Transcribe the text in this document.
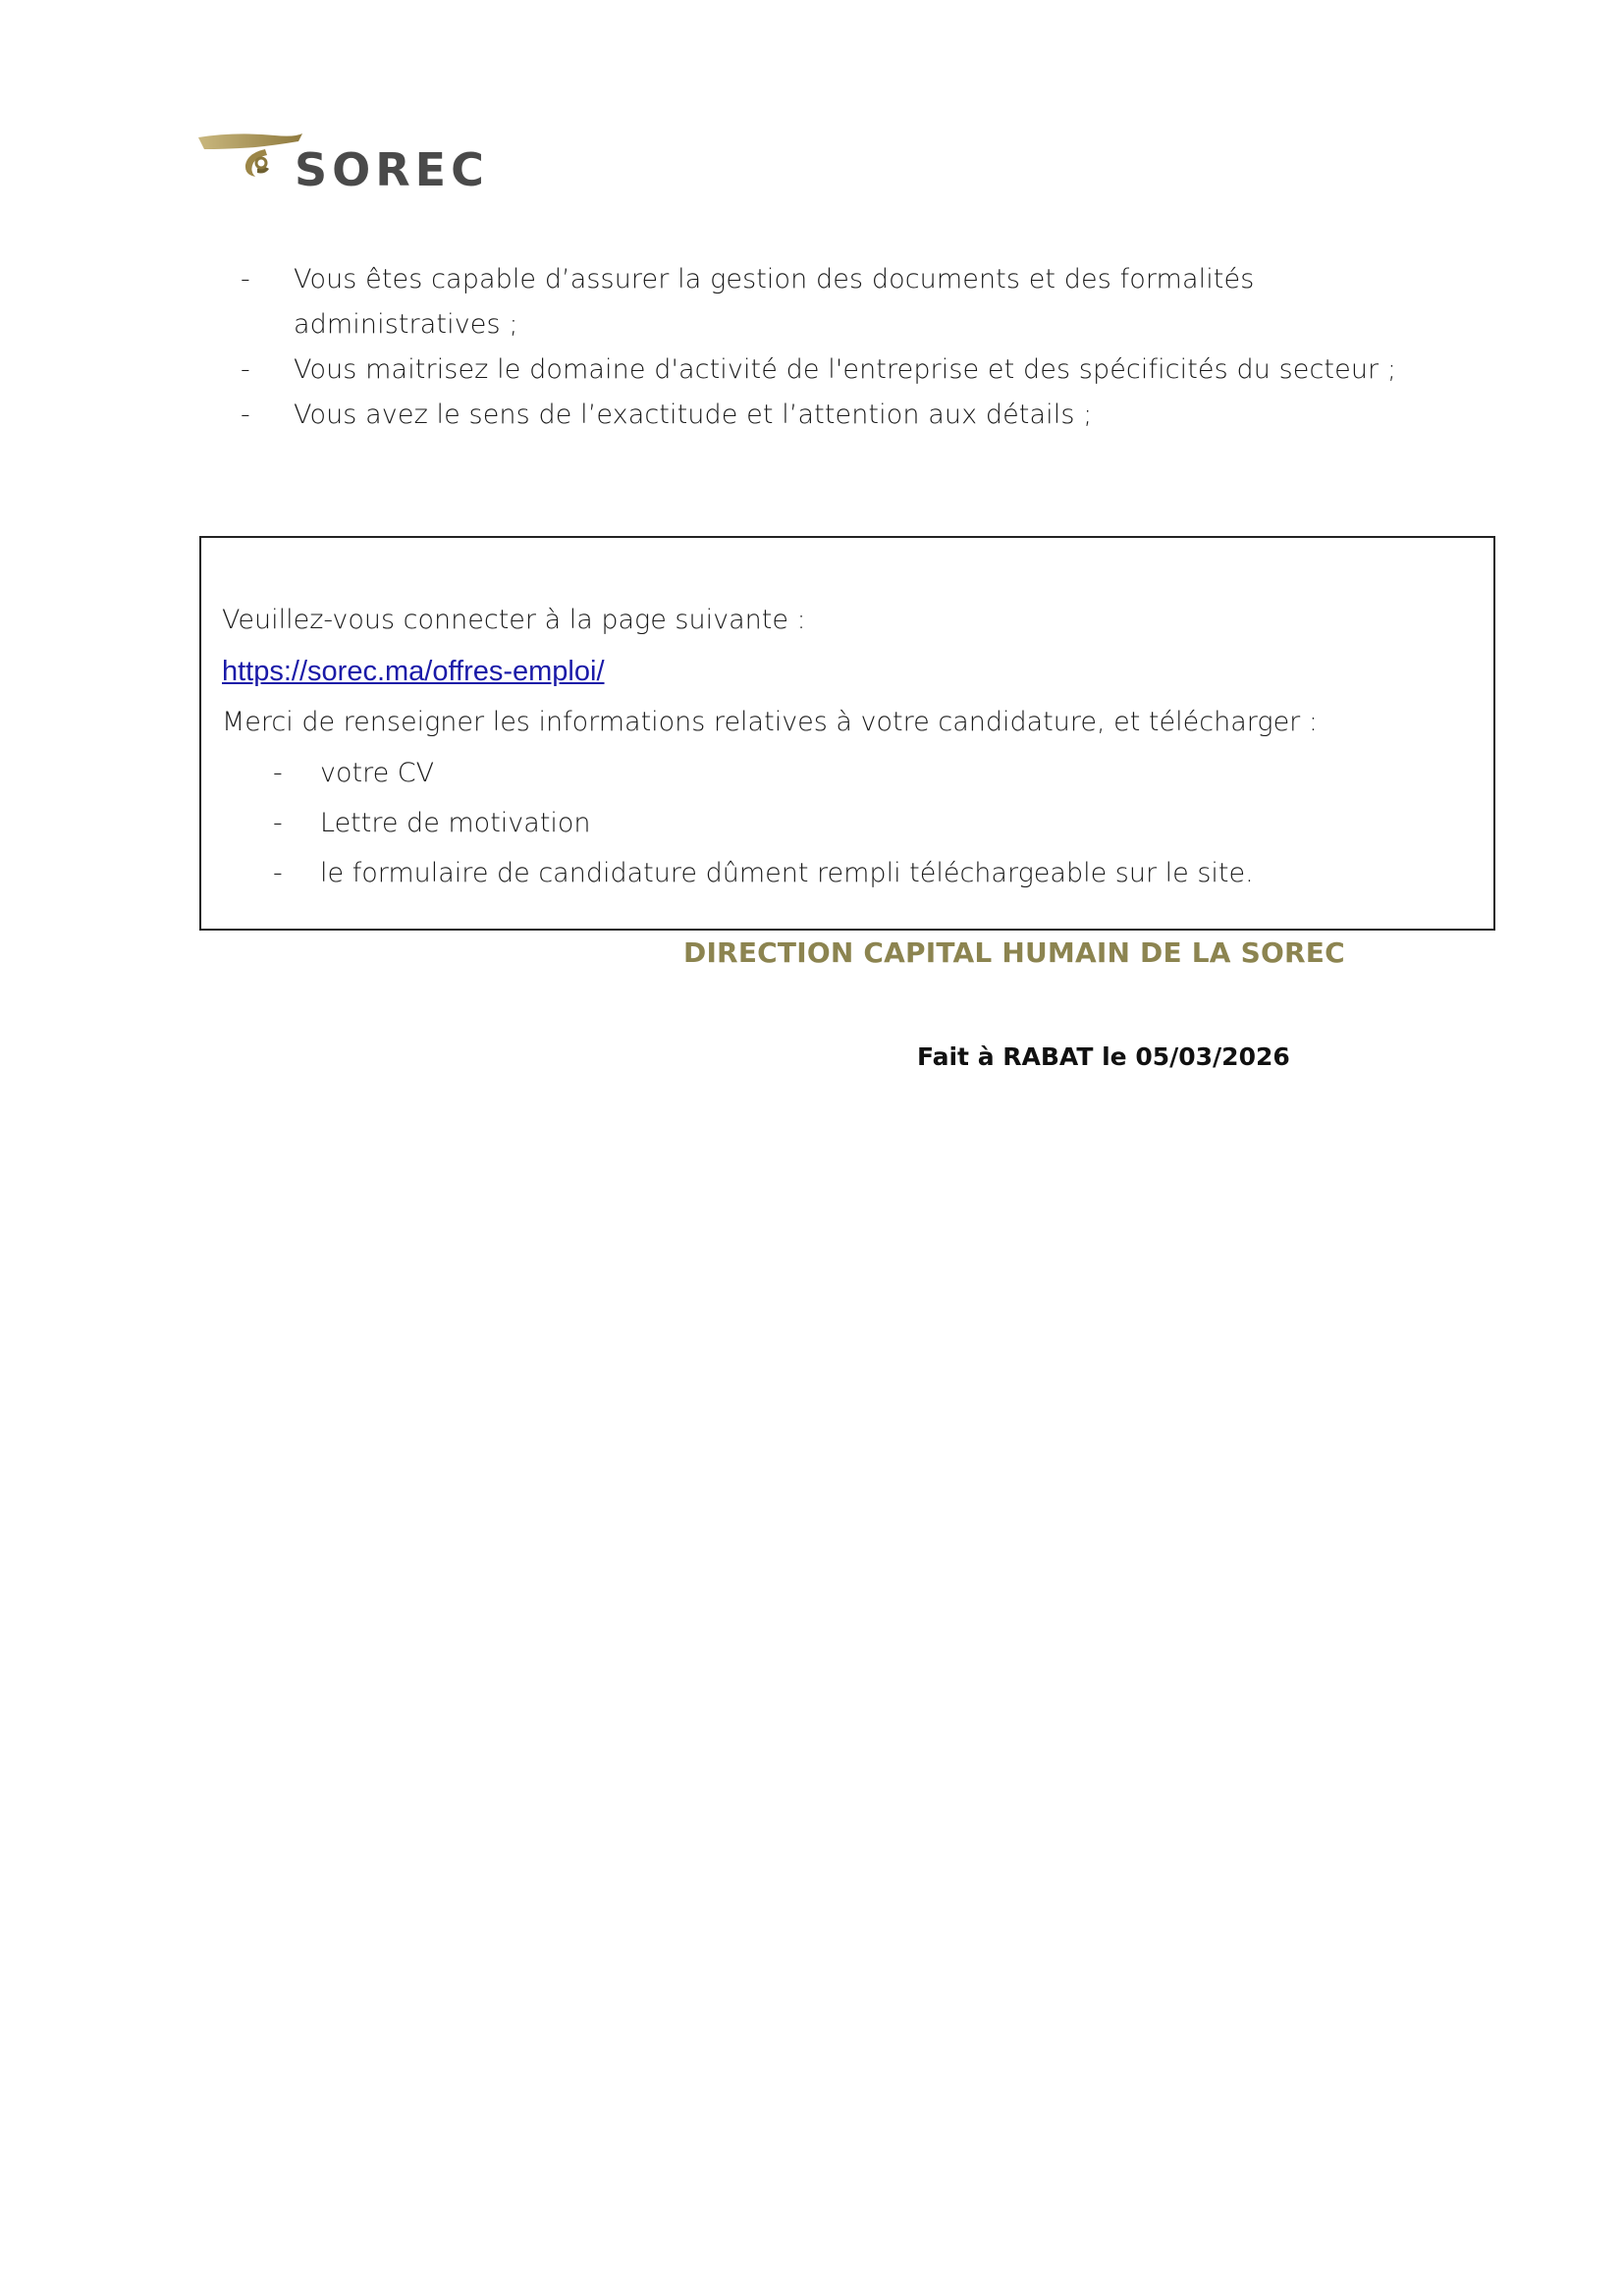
SOREC
- Vous êtes capable d’assurer la gestion des documents et des formalités
administratives ;
- Vous maitrisez le domaine d'activité de l'entreprise et des spécificités du secteur ;
- Vous avez le sens de l’exactitude et l’attention aux détails ;
Veuillez-vous connecter à la page suivante :
https://sorec.ma/offres-emploi/
Merci de renseigner les informations relatives à votre candidature, et télécharger :
- votre CV
- Lettre de motivation
- le formulaire de candidature dûment rempli téléchargeable sur le site.
DIRECTION CAPITAL HUMAIN DE LA SOREC
Fait à RABAT le 05/03/2026
